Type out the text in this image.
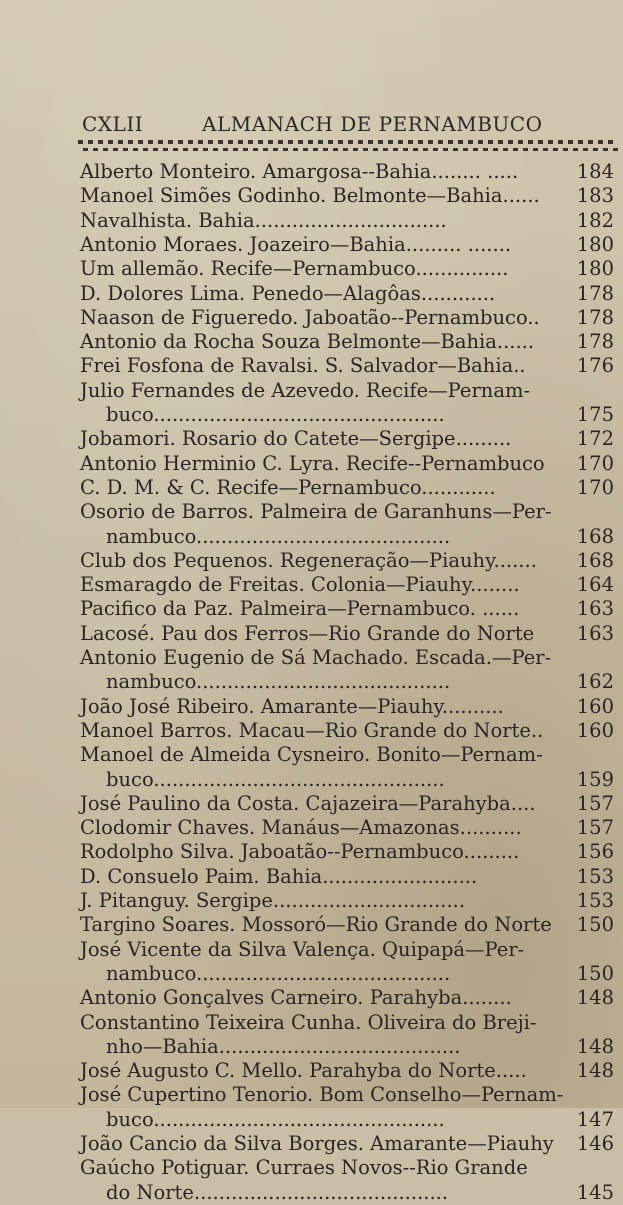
CXLII	ALMANACH DE PERNAMBUCO
Alberto Monteiro. Amargosa--Bahia........ .....	184
Manoel Simões Godinho. Belmonte—Bahia...... 183
Navalhista. Bahia...............................	182
Antonio Moraes. Joazeiro—Bahia......... .......	180
Um allemão. Recife—Pernambuco...............	180
D. Dolores Lima. Penedo—Alagôas............	178
Naason de Figueredo. Jaboatão--Pernambuco.. 178
Antonio da Rocha Souza Belmonte—Bahia...... 178
Frei Fosfona de Ravalsi. S. Salvador—Bahia..	176
Julio Fernandes de Azevedo. Recife—Pernam-
buco...............................................	175
Jobamori. Rosario do Catete—Sergipe.........	172
Antonio Herminio C. Lyra. Recife--Pernambuco 170
C. D. M. & C. Recife—Pernambuco............	170
Osorio de Barros. Palmeira de Garanhuns—Per-
nambuco.........................................	168
Club dos Pequenos. Regeneração—Piauhy....... 168
Esmaragdo de Freitas. Colonia—Piauhy........	164
Pacifico da Paz. Palmeira—Pernambuco. ......	163
Lacosé. Pau dos Ferros—Rio Grande do Norte 163
Antonio Eugenio de Sá Machado. Escada.—Per-
nambuco.........................................	162
João José Ribeiro. Amarante—Piauhy..........	160
Manoel Barros. Macau—Rio Grande do Norte.. 160
Manoel de Almeida Cysneiro. Bonito—Pernam-
buco...............................................	159
José Paulino da Costa. Cajazeira—Parahyba.... 157
Clodomir Chaves. Manáus—Amazonas..........	157
Rodolpho Silva. Jaboatão--Pernambuco.........	156
D. Consuelo Paim. Bahia.........................	153
J. Pitanguy. Sergipe...............................	153
Targino Soares. Mossoró—Rio Grande do Norte 150
José Vicente da Silva Valença. Quipapá—Per-
nambuco.........................................	150
Antonio Gonçalves Carneiro. Parahyba........	148
Constantino Teixeira Cunha. Oliveira do Breji-
nho—Bahia.......................................	148
José Augusto C. Mello. Parahyba do Norte.....	148
José Cupertino Tenorio. Bom Conselho—Pernam-
buco...............................................	147
João Cancio da Silva Borges. Amarante—Piauhy 146
Gaúcho Potiguar. Curraes Novos--Rio Grande
do Norte.........................................	145
